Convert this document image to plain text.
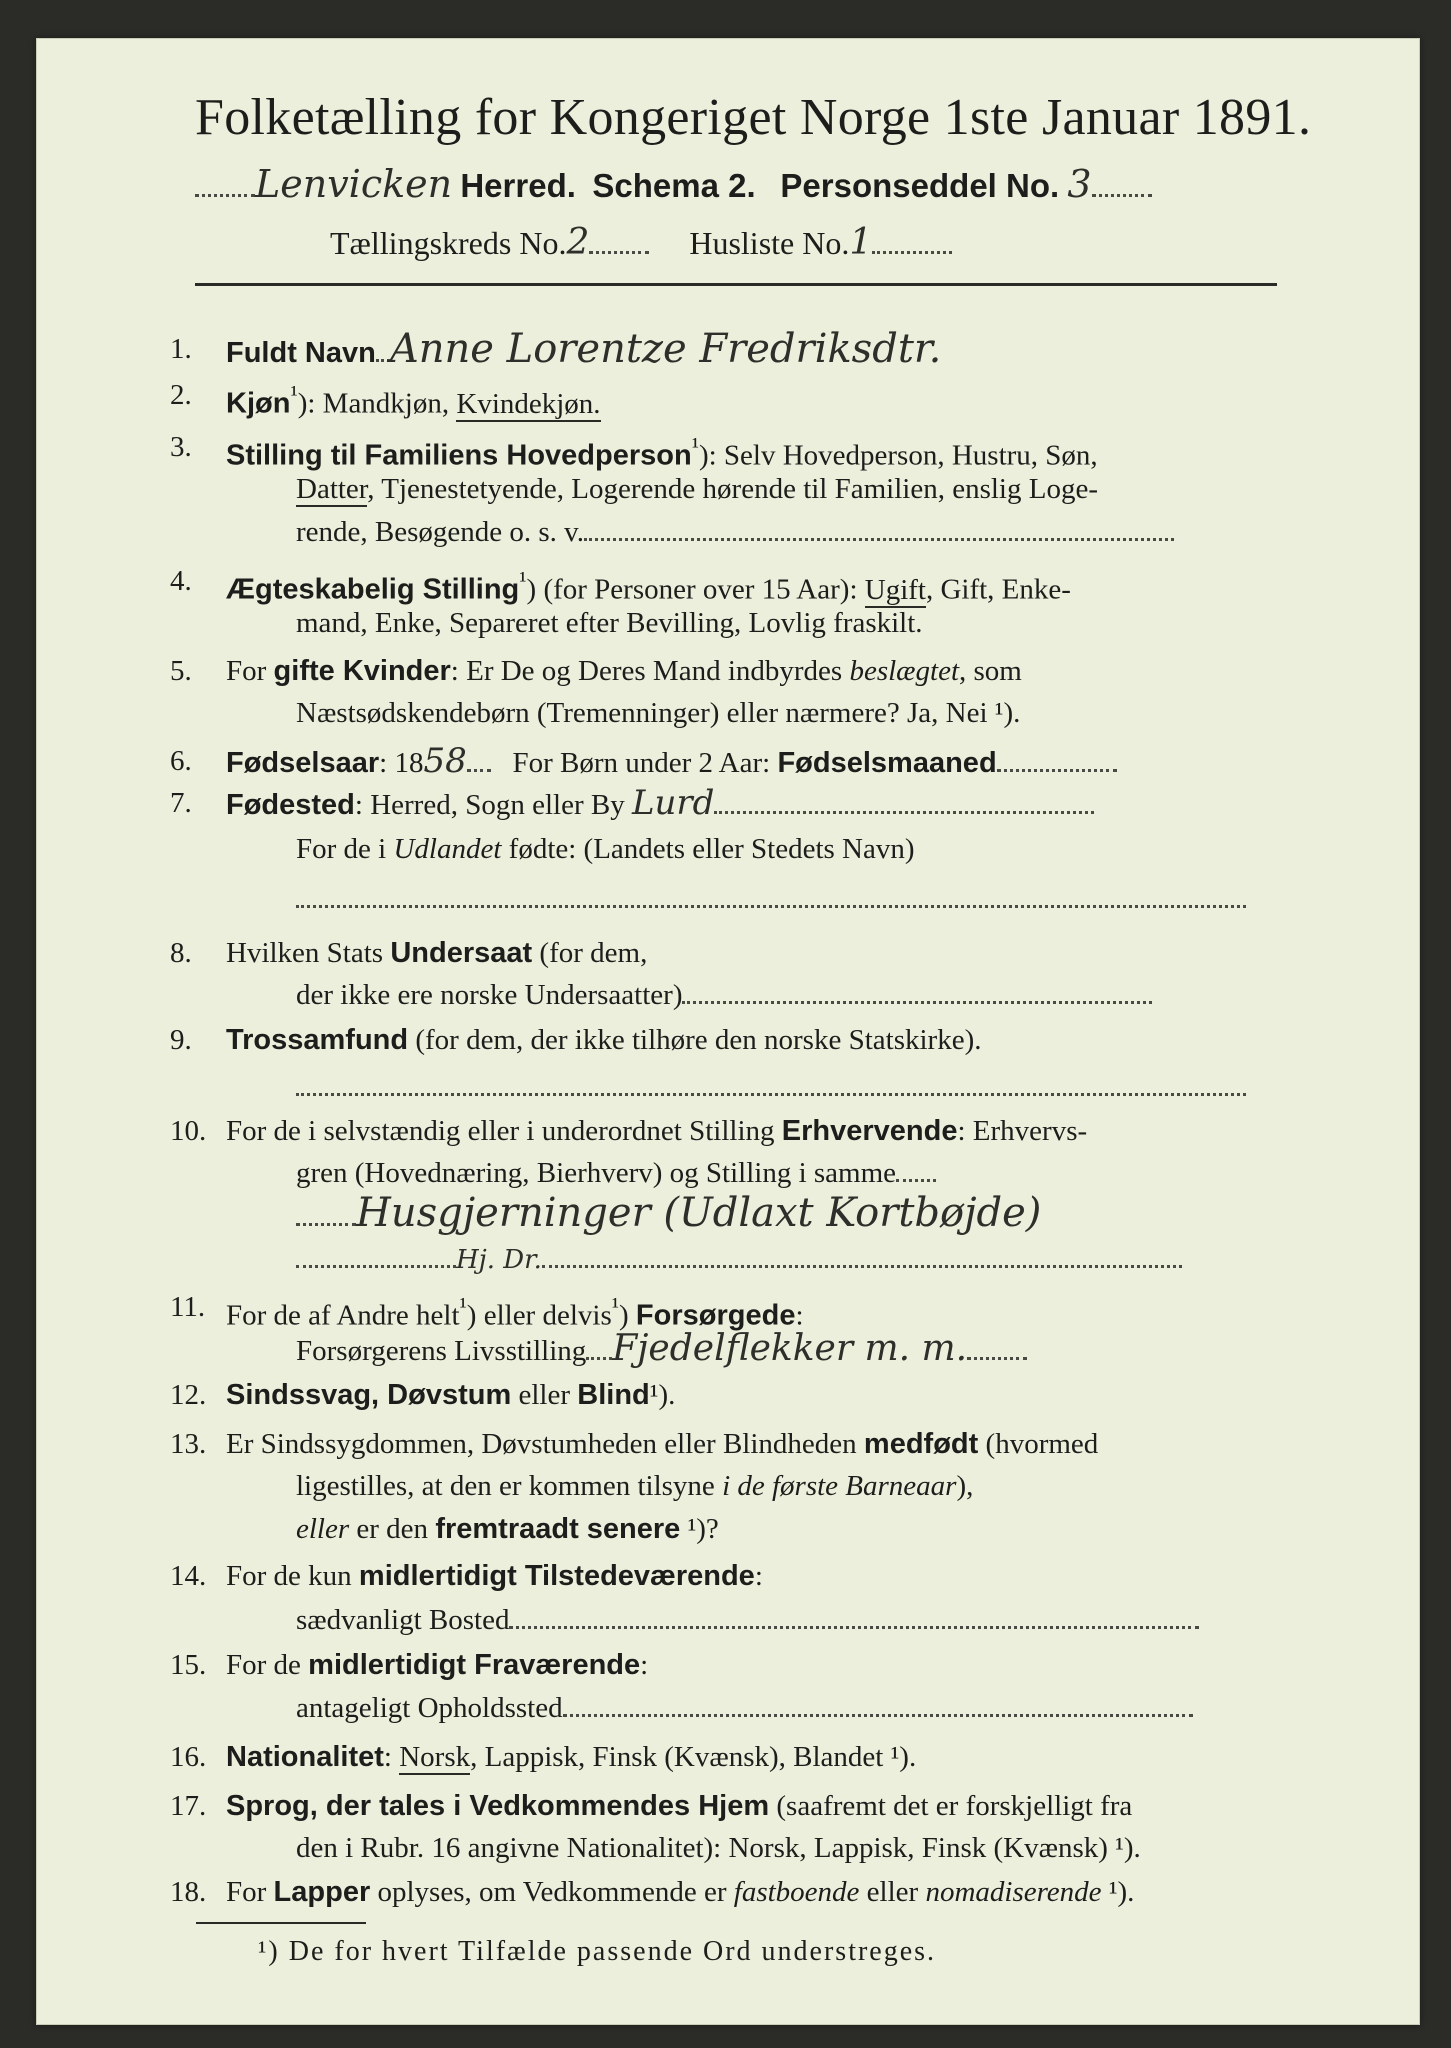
Folketælling for Kongeriget Norge 1ste Januar 1891.
Lenvicken Herred. Schema 2. Personseddel No. 3
Tællingskreds No.2	Husliste No.1
1. Fuldt Navn Anne Lorentze Fredriksdtr.
2. Kjøn$^{^1}$): Mandkjøn, Kvindekjøn.
3. Stilling til Familiens Hovedperson$^{^1}$): Selv Hovedperson, Hustru, Søn,
Datter, Tjenestetyende, Logerende hørende til Familien, enslig Loge-
rende, Besøgende o. s. v.
4. Ægteskabelig Stilling$^{^1}$) (for Personer over 15 Aar): Ugift, Gift, Enke-
mand, Enke, Separeret efter Bevilling, Lovlig fraskilt.
5. For gifte Kvinder: Er De og Deres Mand indbyrdes beslægtet, som
Næstsødskendebørn (Tremenninger) eller nærmere? Ja, Nei ¹).
6. Fødselsaar: 1858 For Børn under 2 Aar: Fødselsmaaned
7. Fødested: Herred, Sogn eller By Lurd
For de i Udlandet fødte: (Landets eller Stedets Navn)
8. Hvilken Stats Undersaat (for dem,
der ikke ere norske Undersaatter)
9. Trossamfund (for dem, der ikke tilhøre den norske Statskirke).
10. For de i selvstændig eller i underordnet Stilling Erhvervende: Erhvervs-
gren (Hovednæring, Bierhverv) og Stilling i samme
Husgjerninger (Udlaxt Kortbøjde)
Hj. Dr.
11. For de af Andre helt$^{^1}$) eller delvis$^{^1}$) Forsørgede:
Forsørgerens Livsstilling Fjedelflekker m. m.
12. Sindssvag, Døvstum eller Blind¹).
13. Er Sindssygdommen, Døvstumheden eller Blindheden medfødt (hvormed
ligestilles, at den er kommen tilsyne i de første Barneaar),
eller er den fremtraadt senere ¹)?
14. For de kun midlertidigt Tilstedeværende:
sædvanligt Bosted
15. For de midlertidigt Fraværende:
antageligt Opholdssted
16. Nationalitet: Norsk, Lappisk, Finsk (Kvænsk), Blandet ¹).
17. Sprog, der tales i Vedkommendes Hjem (saafremt det er forskjelligt fra
den i Rubr. 16 angivne Nationalitet): Norsk, Lappisk, Finsk (Kvænsk) ¹).
18. For Lapper oplyses, om Vedkommende er fastboende eller nomadiserende ¹).
¹) De for hvert Tilfælde passende Ord understreges.
